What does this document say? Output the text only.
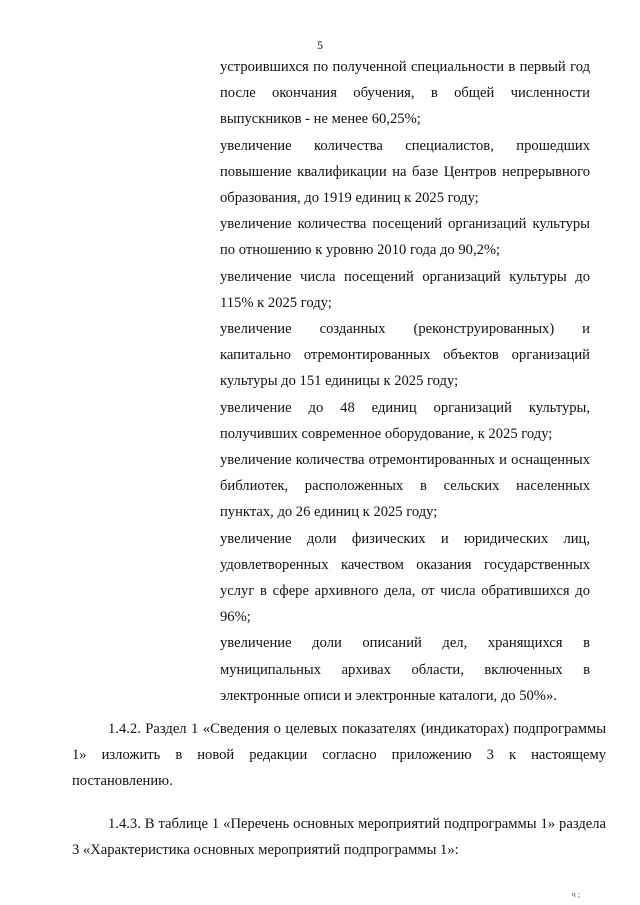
5

устроившихся по полученной специальности в первый год после окончания обучения, в общей численности выпускников - не менее 60,25%;

увеличение количества специалистов, прошедших повышение квалификации на базе Центров непрерывного образования, до 1919 единиц к 2025 году;

увеличение количества посещений организаций культуры по отношению к уровню 2010 года до 90,2%;

увеличение числа посещений организаций культуры до 115% к 2025 году;

увеличение созданных (реконструированных) и капитально отремонтированных объектов организаций культуры до 151 единицы к 2025 году;

увеличение до 48 единиц организаций культуры, получивших современное оборудование, к 2025 году;

увеличение количества отремонтированных и оснащенных библиотек, расположенных в сельских населенных пунктах, до 26 единиц к 2025 году;

увеличение доли физических и юридических лиц, удовлетворенных качеством оказания государственных услуг в сфере архивного дела, от числа обратившихся до 96%;

увеличение доли описаний дел, хранящихся в муниципальных архивах области, включенных в электронные описи и электронные каталоги, до 50%».

1.4.2. Раздел 1 «Сведения о целевых показателях (индикаторах) подпрограммы 1» изложить в новой редакции согласно приложению 3 к настоящему постановлению.

1.4.3. В таблице 1 «Перечень основных мероприятий подпрограммы 1» раздела 3 «Характеристика основных мероприятий подпрограммы 1»:

ч ;
